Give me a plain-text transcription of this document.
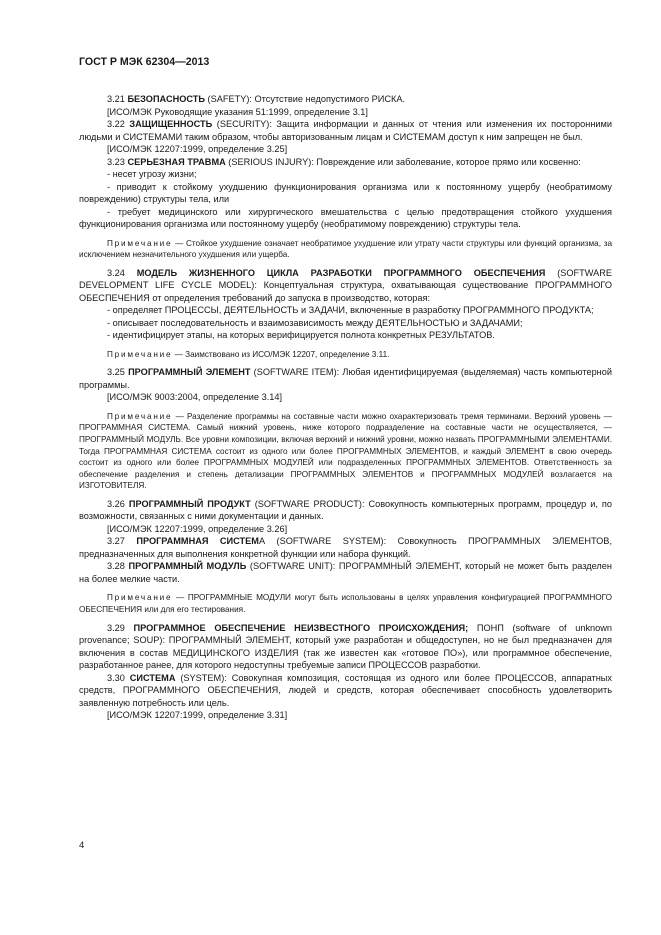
ГОСТ Р МЭК 62304—2013

3.21 БЕЗОПАСНОСТЬ (SAFETY): Отсутствие недопустимого РИСКА.

[ИСО/МЭК Руководящие указания 51:1999, определение 3.1]

3.22 ЗАЩИЩЕННОСТЬ (SECURITY): Защита информации и данных от чтения или изменения их посторонними людьми и СИСТЕМАМИ таким образом, чтобы авторизованным лицам и СИСТЕМАМ доступ к ним запрещен не был.

[ИСО/МЭК 12207:1999, определение 3.25]

3.23 СЕРЬЕЗНАЯ ТРАВМА (SERIOUS INJURY): Повреждение или заболевание, которое прямо или косвенно:

- несет угрозу жизни;

- приводит к стойкому ухудшению функционирования организма или к постоянному ущербу (необратимому повреждению) структуры тела, или

- требует медицинского или хирургического вмешательства с целью предотвращения стойкого ухудшения функционирования организма или постоянному ущербу (необратимому повреждению) структуры тела.

Примечание — Стойкое ухудшение означает необратимое ухудшение или утрату части структуры или функций организма, за исключением незначительного ухудшения или ущерба.

3.24 МОДЕЛЬ ЖИЗНЕННОГО ЦИКЛА РАЗРАБОТКИ ПРОГРАММНОГО ОБЕСПЕЧЕНИЯ (SOFTWARE DEVELOPMENT LIFE CYCLE MODEL): Концептуальная структура, охватывающая существование ПРОГРАММНОГО ОБЕСПЕЧЕНИЯ от определения требований до запуска в производство, которая:

- определяет ПРОЦЕССЫ, ДЕЯТЕЛЬНОСТЬ и ЗАДАЧИ, включенные в разработку ПРОГРАММНОГО ПРОДУКТА;

- описывает последовательность и взаимозависимость между ДЕЯТЕЛЬНОСТЬЮ и ЗАДАЧАМИ;

- идентифицирует этапы, на которых верифицируется полнота конкретных РЕЗУЛЬТАТОВ.

Примечание — Заимствовано из ИСО/МЭК 12207, определение 3.11.

3.25 ПРОГРАММНЫЙ ЭЛЕМЕНТ (SOFTWARE ITEM): Любая идентифицируемая (выделяемая) часть компьютерной программы.

[ИСО/МЭК 9003:2004, определение 3.14]

Примечание — Разделение программы на составные части можно охарактеризовать тремя терминами. Верхний уровень — ПРОГРАММНАЯ СИСТЕМА. Самый нижний уровень, ниже которого подразделение на составные части не осуществляется, — ПРОГРАММНЫЙ МОДУЛЬ. Все уровни композиции, включая верхний и нижний уровни, можно назвать ПРОГРАММНЫМИ ЭЛЕМЕНТАМИ. Тогда ПРОГРАММНАЯ СИСТЕМА состоит из одного или более ПРОГРАММНЫХ ЭЛЕМЕНТОВ, и каждый ЭЛЕМЕНТ в свою очередь состоит из одного или более ПРОГРАММНЫХ МОДУЛЕЙ или подразделенных ПРОГРАММНЫХ ЭЛЕМЕНТОВ. Ответственность за обеспечение разделения и степень детализации ПРОГРАММНЫХ ЭЛЕМЕНТОВ и ПРОГРАММНЫХ МОДУЛЕЙ возлагается на ИЗГОТОВИТЕЛЯ.

3.26 ПРОГРАММНЫЙ ПРОДУКТ (SOFTWARE PRODUCT): Совокупность компьютерных программ, процедур и, по возможности, связанных с ними документации и данных.

[ИСО/МЭК 12207:1999, определение 3.26]

3.27 ПРОГРАММНАЯ СИСТЕМА (SOFTWARE SYSTEM): Совокупность ПРОГРАММНЫХ ЭЛЕМЕНТОВ, предназначенных для выполнения конкретной функции или набора функций.

3.28 ПРОГРАММНЫЙ МОДУЛЬ (SOFTWARE UNIT): ПРОГРАММНЫЙ ЭЛЕМЕНТ, который не может быть разделен на более мелкие части.

Примечание — ПРОГРАММНЫЕ МОДУЛИ могут быть использованы в целях управления конфигурацией ПРОГРАММНОГО ОБЕСПЕЧЕНИЯ или для его тестирования.

3.29 ПРОГРАММНОЕ ОБЕСПЕЧЕНИЕ НЕИЗВЕСТНОГО ПРОИСХОЖДЕНИЯ; ПОНП (software of unknown provenance; SOUP): ПРОГРАММНЫЙ ЭЛЕМЕНТ, который уже разработан и общедоступен, но не был предназначен для включения в состав МЕДИЦИНСКОГО ИЗДЕЛИЯ (так же известен как «готовое ПО»), или программное обеспечение, разработанное ранее, для которого недоступны требуемые записи ПРОЦЕССОВ разработки.

3.30 СИСТЕМА (SYSTEM): Совокупная композиция, состоящая из одного или более ПРОЦЕССОВ, аппаратных средств, ПРОГРАММНОГО ОБЕСПЕЧЕНИЯ, людей и средств, которая обеспечивает способность удовлетворить заявленную потребность или цель.

[ИСО/МЭК 12207:1999, определение 3.31]

4
